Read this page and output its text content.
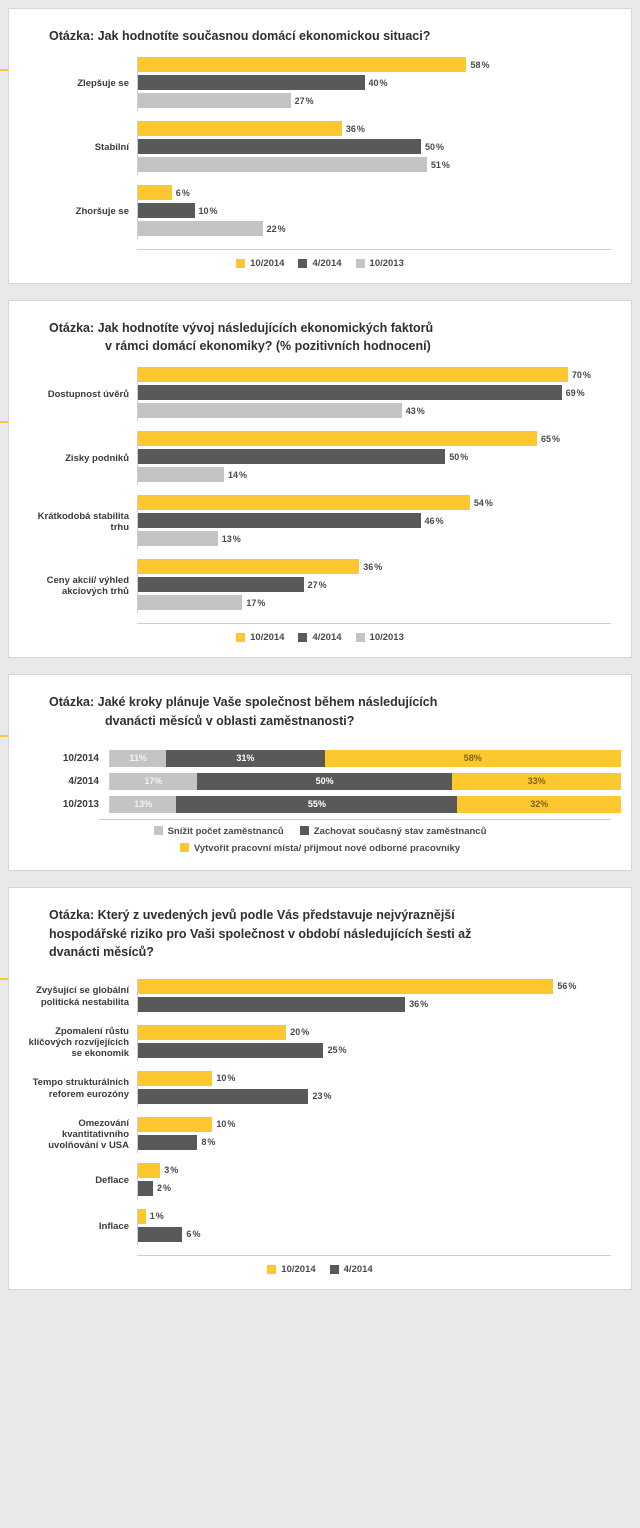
Otázka: Jak hodnotíte současnou domácí ekonomickou situaci?
Zlepšuje se
58 %
40 %
27 %
Stabilní
36 %
50 %
51 %
Zhoršuje se
6 %
10 %
22 %
10/2014	4/2014	10/2013
Otázka: Jak hodnotíte vývoj následujících ekonomických faktorů
v rámci domácí ekonomiky? (% pozitivních hodnocení)
Dostupnost úvěrů
70 %
69 %
43 %
Zisky podniků
65 %
50 %
14 %
Krátkodobá stabilita trhu
54 %
46 %
13 %
Ceny akcií/ výhled akciových trhů
36 %
27 %
17 %
10/2014	4/2014	10/2013
Otázka: Jaké kroky plánuje Vaše společnost během následujících
dvanácti měsíců v oblasti zaměstnanosti?
10/2014	11 %	31 %	58 %
4/2014	17 %	50 %	33 %
10/2013	13 %	55 %	32 %
Snížit počet zaměstnanců	Zachovat současný stav zaměstnanců
Vytvořit pracovní místa/ přijmout nové odborné pracovníky
Otázka: Který z uvedených jevů podle Vás představuje nejvýraznější
hospodářské riziko pro Vaši společnost v období následujících šesti až
dvanácti měsíců?
Zvyšující se globální politická nestabilita
56 %
36 %
Zpomalení růstu klíčových rozvíjejících se ekonomik
20 %
25 %
Tempo strukturálních reforem eurozóny
10 %
23 %
Omezování kvantitativního uvolňování v USA
10 %
8 %
Deflace
3 %
2 %
Inflace
1 %
6 %
10/2014	4/2014
